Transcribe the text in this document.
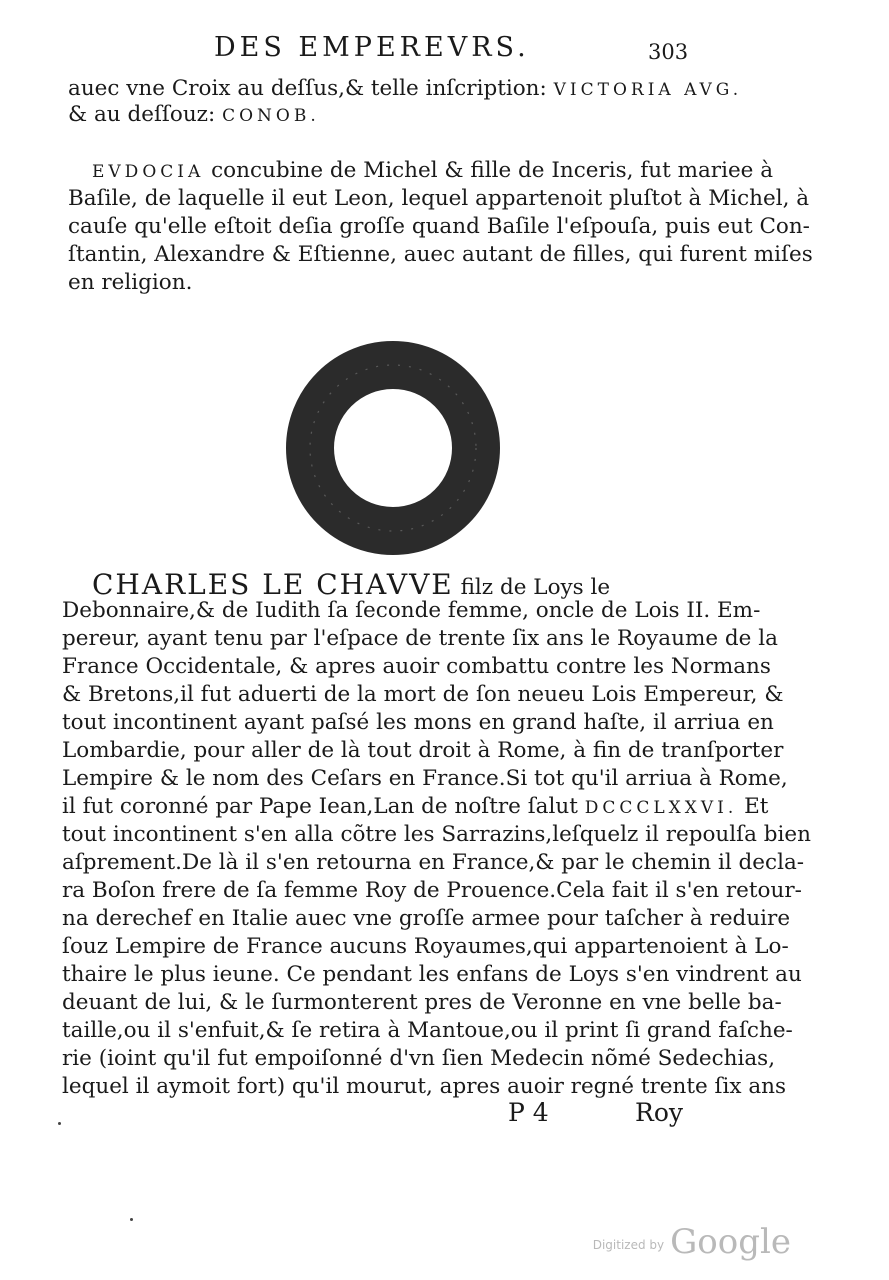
DES EMPEREVRS.	303
auec vne Croix au deſſus,& telle inſcription: VICTORIA AVG.
& au deſſouz: CONOB.
EVDOCIA concubine de Michel & fille de Inceris, fut mariee à
Baſile, de laquelle il eut Leon, lequel appartenoit pluſtot à Michel, à
cauſe qu'elle eſtoit deſia groſſe quand Baſile l'eſpouſa, puis eut Con-
ſtantin, Alexandre & Eſtienne, auec autant de filles, qui furent miſes
en religion.
CHARLES LE CHAVVE filz de Loys le
Debonnaire,& de Iudith ſa ſeconde femme, oncle de Lois II. Em-
pereur, ayant tenu par l'eſpace de trente ſix ans le Royaume de la
France Occidentale, & apres auoir combattu contre les Normans
& Bretons,il fut aduerti de la mort de ſon neueu Lois Empereur, &
tout incontinent ayant paſsé les mons en grand haſte, il arriua en
Lombardie, pour aller de là tout droit à Rome, à fin de tranſporter
Lempire & le nom des Ceſars en France.Si tot qu'il arriua à Rome,
il fut coronné par Pape Iean,Lan de noſtre ſalut DCCCLXXVI. Et
tout incontinent s'en alla cõtre les Sarrazins,leſquelz il repoulſa bien
aſprement.De là il s'en retourna en France,& par le chemin il decla-
ra Boſon frere de ſa femme Roy de Prouence.Cela fait il s'en retour-
na derechef en Italie auec vne groſſe armee pour taſcher à reduire
ſouz Lempire de France aucuns Royaumes,qui appartenoient à Lo-
thaire le plus ieune. Ce pendant les enfans de Loys s'en vindrent au
deuant de lui, & le ſurmonterent pres de Veronne en vne belle ba-
taille,ou il s'enfuit,& ſe retira à Mantoue,ou il print ſi grand faſche-
rie (ioint qu'il fut empoiſonné d'vn ſien Medecin nõmé Sedechias,
lequel il aymoit fort) qu'il mourut, apres auoir regné trente ſix ans
P 4	Roy
$^{Digitized by}$ Google
